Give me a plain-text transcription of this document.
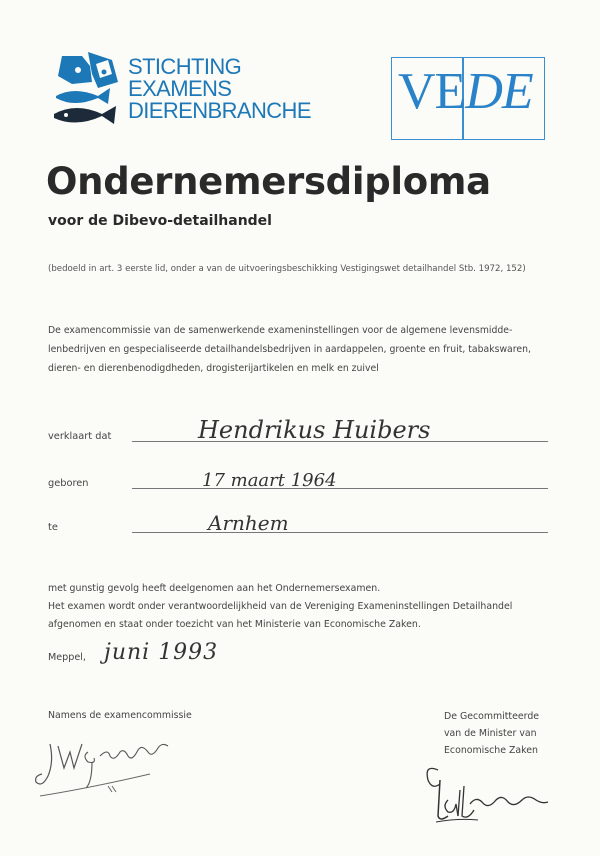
STICHTING
EXAMENS
DIERENBRANCHE VEDE
Ondernemersdiploma
voor de Dibevo-detailhandel
(bedoeld in art. 3 eerste lid, onder a van de uitvoeringsbeschikking Vestigingswet detailhandel Stb. 1972, 152)
De examencommissie van de samenwerkende exameninstellingen voor de algemene levensmidde-
lenbedrijven en gespecialiseerde detailhandelsbedrijven in aardappelen, groente en fruit, tabakswaren,
dieren- en dierenbenodigdheden, drogisterijartikelen en melk en zuivel
verklaart dat	Hendrikus Huibers
geboren	17 maart 1964
te	Arnhem
met gunstig gevolg heeft deelgenomen aan het Ondernemersexamen.
Het examen wordt onder verantwoordelijkheid van de Vereniging Exameninstellingen Detailhandel
afgenomen en staat onder toezicht van het Ministerie van Economische Zaken.
Meppel, juni 1993
Namens de examencommissie	De Gecommitteerde
van de Minister van
Economische Zaken
